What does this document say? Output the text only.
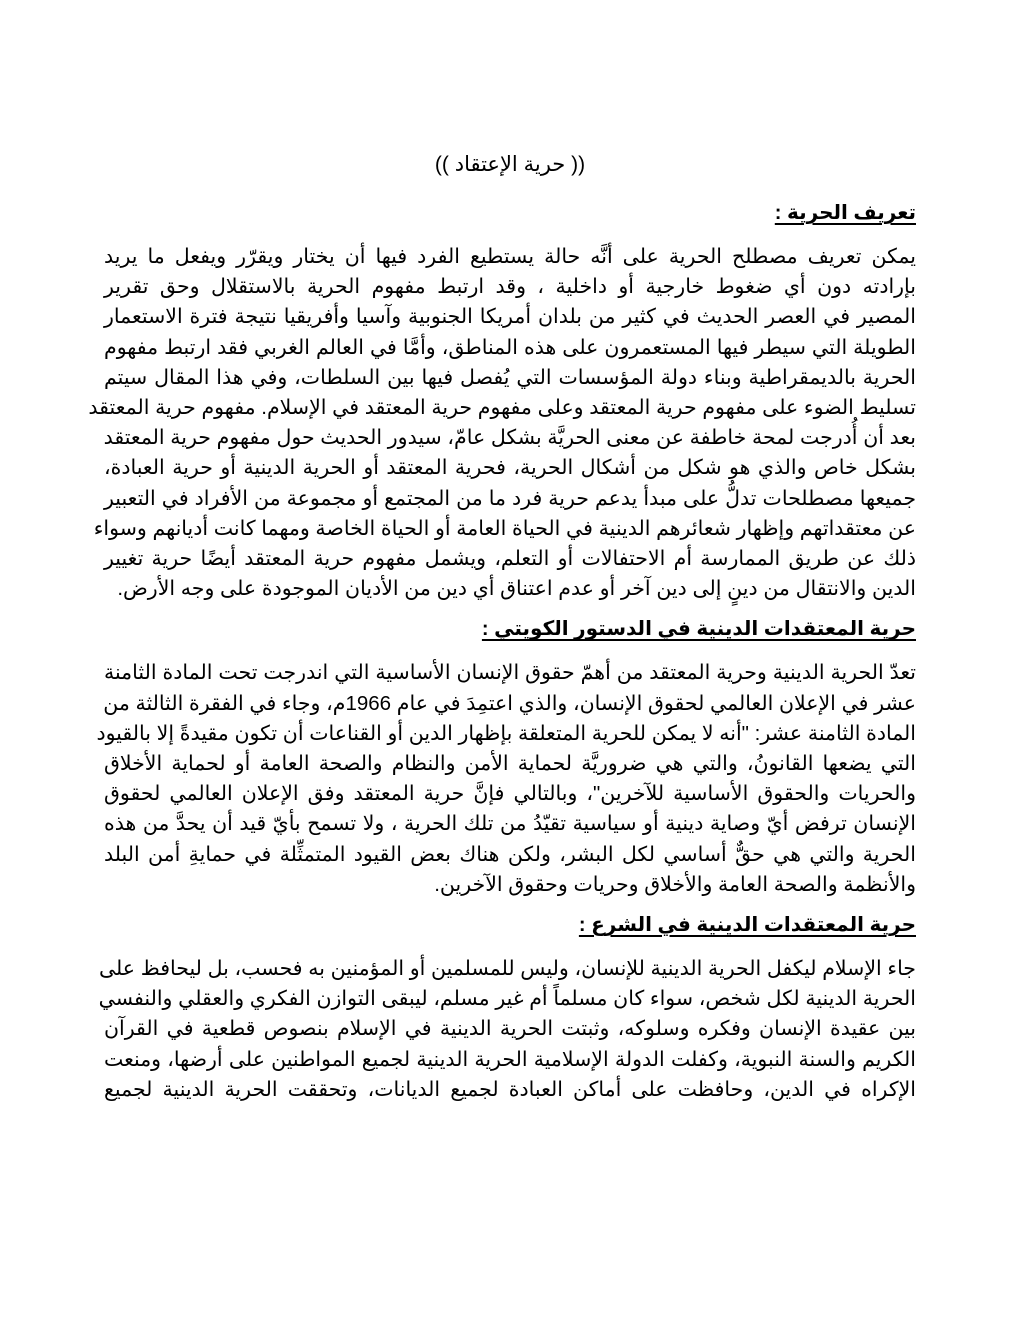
(( حرية الإعتقاد ))
تعريف الحرية :
يمكن تعريف مصطلح الحرية على أنَّه حالة يستطيع الفرد فيها أن يختار ويقرّر ويفعل ما يريد
بإرادته دون أي ضغوط خارجية أو داخلية ، وقد ارتبط مفهوم الحرية بالاستقلال وحق تقرير
المصير في العصر الحديث في كثير من بلدان أمريكا الجنوبية وآسيا وأفريقيا نتيجة فترة الاستعمار
الطويلة التي سيطر فيها المستعمرون على هذه المناطق، وأمَّا في العالم الغربي فقد ارتبط مفهوم
الحرية بالديمقراطية وبناء دولة المؤسسات التي يُفصل فيها بين السلطات، وفي هذا المقال سيتم
تسليط الضوء على مفهوم حرية المعتقد وعلى مفهوم حرية المعتقد في الإسلام. مفهوم حرية المعتقد
بعد أن أُدرجت لمحة خاطفة عن معنى الحريَّة بشكل عامّ، سيدور الحديث حول مفهوم حرية المعتقد
بشكل خاص والذي هو شكل من أشكال الحرية، فحرية المعتقد أو الحرية الدينية أو حرية العبادة،
جميعها مصطلحات تدلُّ على مبدأ يدعم حرية فرد ما من المجتمع أو مجموعة من الأفراد في التعبير
عن معتقداتهم وإظهار شعائرهم الدينية في الحياة العامة أو الحياة الخاصة ومهما كانت أديانهم وسواء
ذلك عن طريق الممارسة أم الاحتفالات أو التعلم، ويشمل مفهوم حرية المعتقد أيضًا حرية تغيير
الدين والانتقال من دينٍ إلى دين آخر أو عدم اعتناق أي دين من الأديان الموجودة على وجه الأرض.
حرية المعتقدات الدينية في الدستور الكويتي :
تعدّ الحرية الدينية وحرية المعتقد من أهمّ حقوق الإنسان الأساسية التي اندرجت تحت المادة الثامنة
عشر في الإعلان العالمي لحقوق الإنسان، والذي اعتمِدَ في عام 1966م، وجاء في الفقرة الثالثة من
المادة الثامنة عشر: "أنه لا يمكن للحرية المتعلقة بإظهار الدين أو القناعات أن تكون مقيدةً إلا بالقيود
التي يضعها القانونُ، والتي هي ضروريَّة لحماية الأمن والنظام والصحة العامة أو لحماية الأخلاق
والحريات والحقوق الأساسية للآخرين"، وبالتالي فإنَّ حرية المعتقد وفق الإعلان العالمي لحقوق
الإنسان ترفض أيّ وصاية دينية أو سياسية تقيّدُ من تلك الحرية ، ولا تسمح بأيّ قيد أن يحدَّ من هذه
الحرية والتي هي حقٌّ أساسي لكل البشر، ولكن هناك بعض القيود المتمثِّلة في حمايةِ أمن البلد
والأنظمة والصحة العامة والأخلاق وحريات وحقوق الآخرين.
حرية المعتقدات الدينية في الشرع :
جاء الإسلام ليكفل الحرية الدينية للإنسان، وليس للمسلمين أو المؤمنين به فحسب، بل ليحافظ على
الحرية الدينية لكل شخص، سواء كان مسلماً أم غير مسلم، ليبقى التوازن الفكري والعقلي والنفسي
بين عقيدة الإنسان وفكره وسلوكه، وثبتت الحرية الدينية في الإسلام بنصوص قطعية في القرآن
الكريم والسنة النبوية، وكفلت الدولة الإسلامية الحرية الدينية لجميع المواطنين على أرضها، ومنعت
الإكراه في الدين، وحافظت على أماكن العبادة لجميع الديانات، وتحققت الحرية الدينية لجميع
